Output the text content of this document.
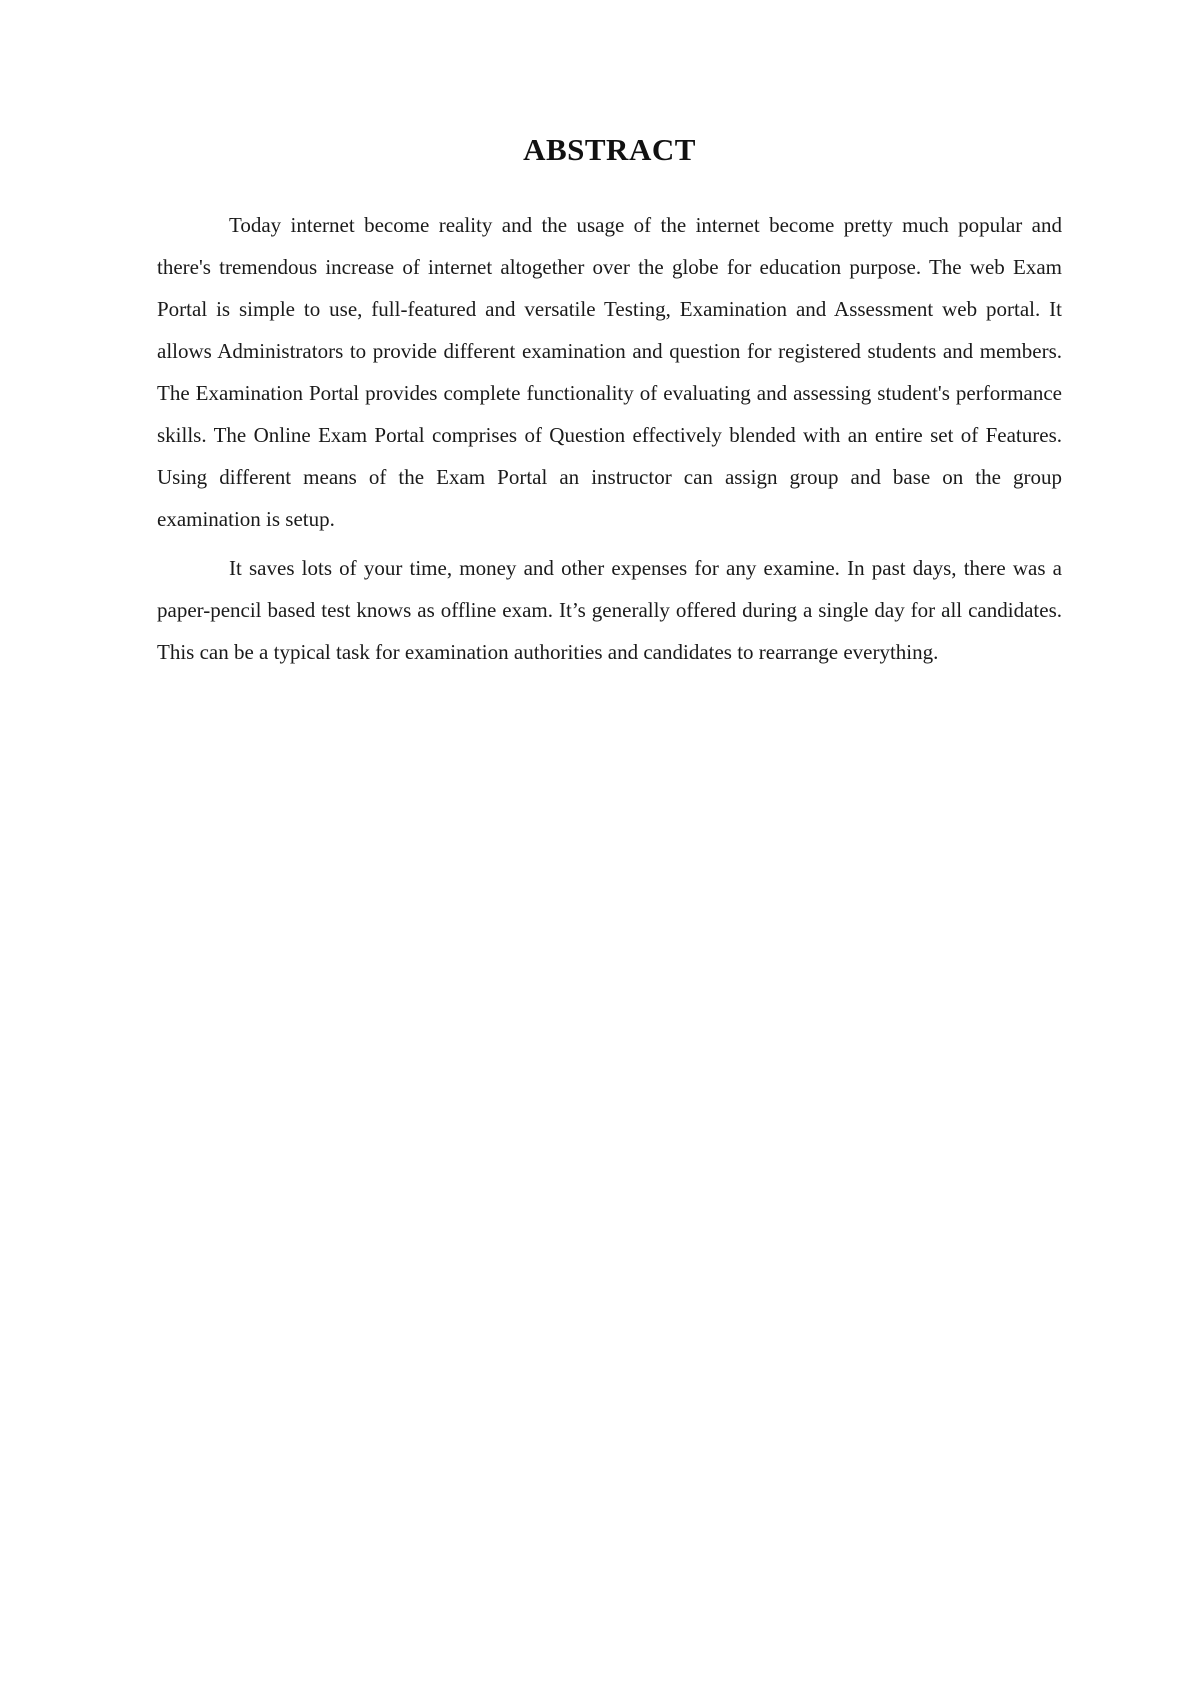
ABSTRACT

Today internet become reality and the usage of the internet become pretty much popular and there's tremendous increase of internet altogether over the globe for education purpose. The web Exam Portal is simple to use, full-featured and versatile Testing, Examination and Assessment web portal. It allows Administrators to provide different examination and question for registered students and members. The Examination Portal provides complete functionality of evaluating and assessing student's performance skills. The Online Exam Portal comprises of Question effectively blended with an entire set of Features. Using different means of the Exam Portal an instructor can assign group and base on the group examination is setup.

It saves lots of your time, money and other expenses for any examine. In past days, there was a paper-pencil based test knows as offline exam. It’s generally offered during a single day for all candidates. This can be a typical task for examination authorities and candidates to rearrange everything.
